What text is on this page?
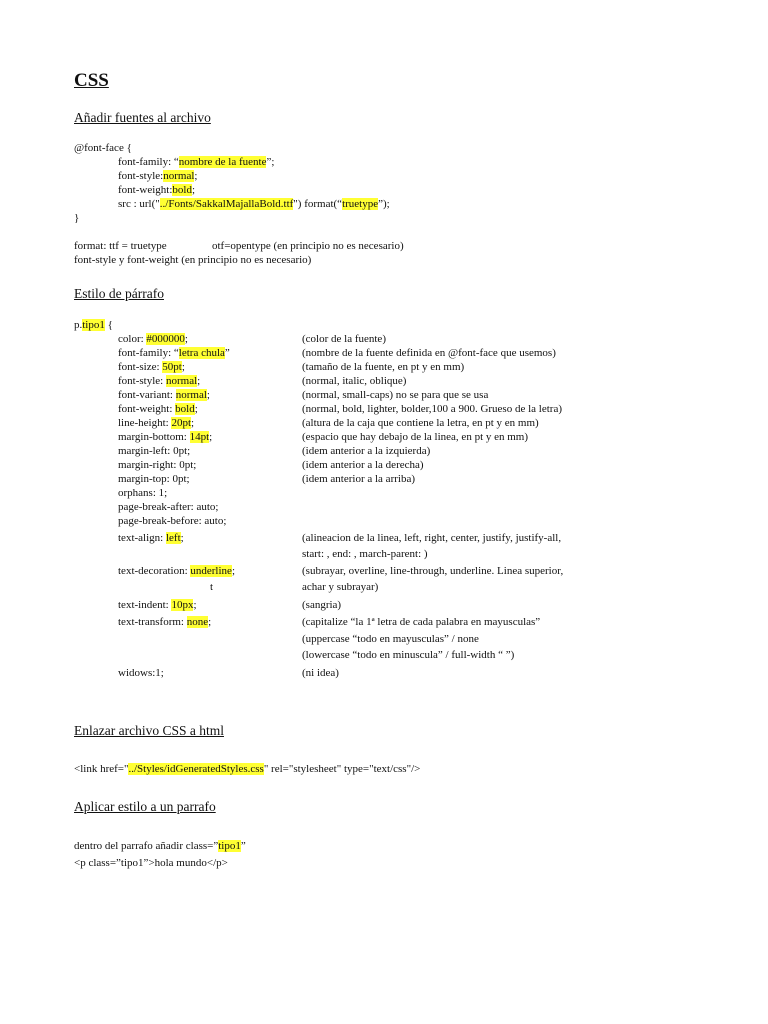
CSS
Añadir fuentes al archivo
@font-face {
font-family: “nombre de la fuente”;
font-style:normal;
font-weight:bold;
src : url("../Fonts/SakkalMajallaBold.ttf") format(“truetype”);
}
format: ttf = truetype	otf=opentype (en principio no es necesario)
font-style y font-weight (en principio no es necesario)
Estilo de párrafo
p.tipo1 {
color: #000000;	(color de la fuente)
font-family: “letra chula”	(nombre de la fuente definida en @font-face que usemos)
font-size: 50pt;	(tamaño de la fuente, en pt y en mm)
font-style: normal;	(normal, italic, oblique)
font-variant: normal;	(normal, small-caps) no se para que se usa
font-weight: bold;	(normal, bold, lighter, bolder,100 a 900. Grueso de la letra)
line-height: 20pt;	(altura de la caja que contiene la letra, en pt y en mm)
margin-bottom: 14pt;	(espacio que hay debajo de la linea, en pt y en mm)
margin-left: 0pt;	(idem anterior a la izquierda)
margin-right: 0pt;	(idem anterior a la derecha)
margin-top: 0pt;	(idem anterior a la arriba)
orphans: 1;
page-break-after: auto;
page-break-before: auto;
text-align: left;	(alineacion de la linea, left, right, center, justify, justify-all,
start: , end: , march-parent: )
text-decoration: underline;	(subrayar, overline, line-through, underline. Linea superior,
t	achar y subrayar)
text-indent: 10px;	(sangria)
text-transform: none;	(capitalize “la 1ª letra de cada palabra en mayusculas”
(uppercase “todo en mayusculas” / none
(lowercase “todo en minuscula” / full-width “ ”)
widows:1;	(ni idea)
Enlazar archivo CSS a html
<link href="../Styles/idGeneratedStyles.css" rel="stylesheet" type="text/css"/>
Aplicar estilo a un parrafo
dentro del parrafo añadir class=”tipo1”
<p class=”tipo1”>hola mundo</p>
